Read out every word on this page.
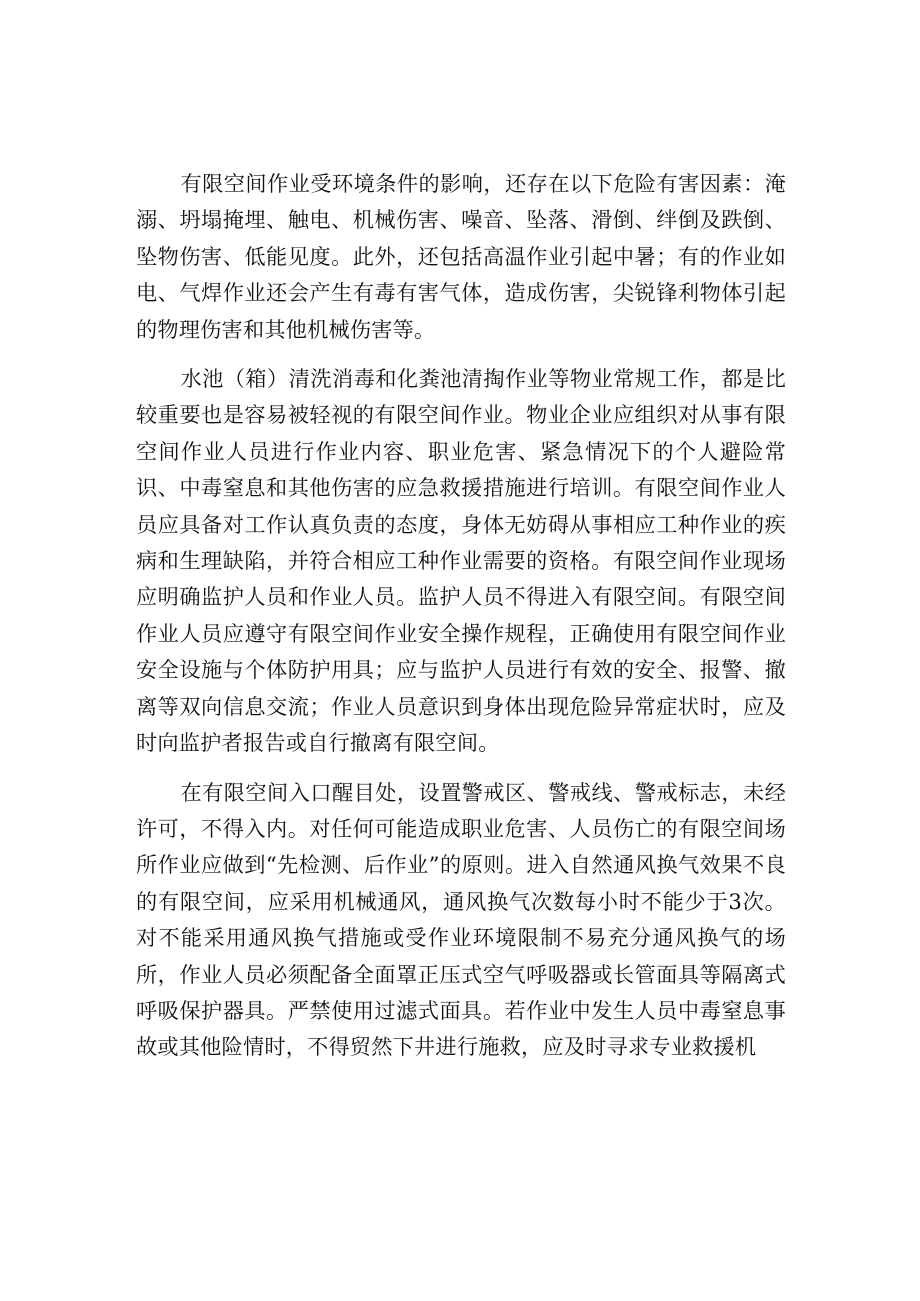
有限空间作业受环境条件的影响，还存在以下危险有害因素：淹溺、坍塌掩埋、触电、机械伤害、噪音、坠落、滑倒、绊倒及跌倒、坠物伤害、低能见度。此外，还包括高温作业引起中暑；有的作业如电、气焊作业还会产生有毒有害气体，造成伤害，尖锐锋利物体引起的物理伤害和其他机械伤害等。

水池（箱）清洗消毒和化粪池清掏作业等物业常规工作，都是比较重要也是容易被轻视的有限空间作业。物业企业应组织对从事有限空间作业人员进行作业内容、职业危害、紧急情况下的个人避险常识、中毒窒息和其他伤害的应急救援措施进行培训。有限空间作业人员应具备对工作认真负责的态度，身体无妨碍从事相应工种作业的疾病和生理缺陷，并符合相应工种作业需要的资格。有限空间作业现场应明确监护人员和作业人员。监护人员不得进入有限空间。有限空间作业人员应遵守有限空间作业安全操作规程，正确使用有限空间作业安全设施与个体防护用具；应与监护人员进行有效的安全、报警、撤离等双向信息交流；作业人员意识到身体出现危险异常症状时，应及时向监护者报告或自行撤离有限空间。

在有限空间入口醒目处，设置警戒区、警戒线、警戒标志，未经许可，不得入内。对任何可能造成职业危害、人员伤亡的有限空间场所作业应做到“先检测、后作业”的原则。进入自然通风换气效果不良的有限空间，应采用机械通风，通风换气次数每小时不能少于3次。对不能采用通风换气措施或受作业环境限制不易充分通风换气的场所，作业人员必须配备全面罩正压式空气呼吸器或长管面具等隔离式呼吸保护器具。严禁使用过滤式面具。若作业中发生人员中毒窒息事故或其他险情时，不得贸然下井进行施救，应及时寻求专业救援机
